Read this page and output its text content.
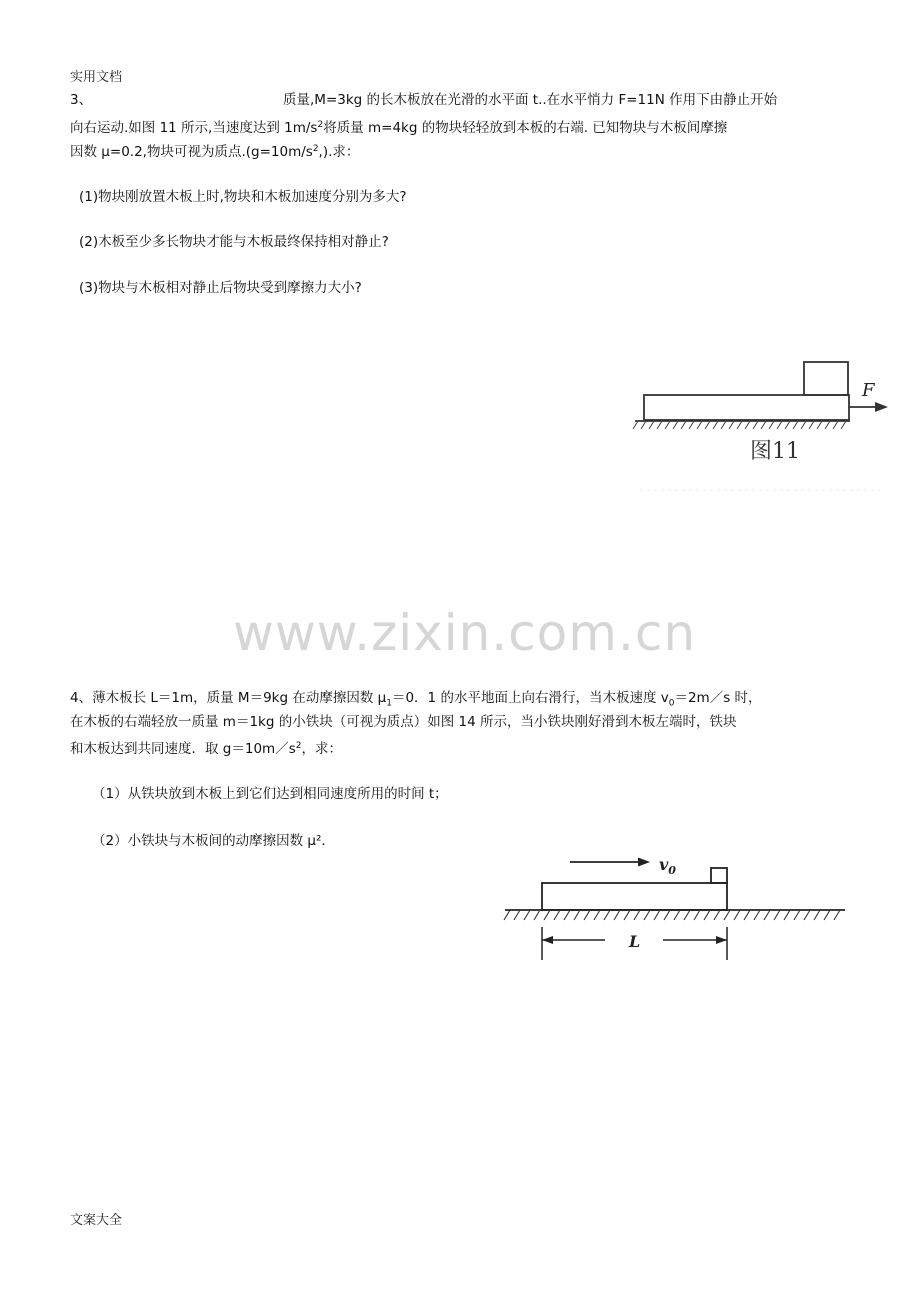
实用文档
3、	质量,M=3kg 的长木板放在光滑的水平面 t..在水平悄力 F=11N 作用下由静止开始
向右运动.如图 11 所示,当速度达到 $1m/s^2$将质量 m=4kg 的物块轻轻放到本板的右端. 已知物块与木板间摩擦
因数 μ=0.2,物块可视为质点$.(g=10m/s^2,)$.求：
(1)物块刚放置木板上时,物块和木板加速度分别为多大?
(2)木板至少多长物块才能与木板最终保持相对静止?
(3)物块与木板相对静止后物块受到摩擦力大小?
F
图11
www.zixin.com.cn
4、薄木板长 L＝1m，质量 M＝9kg 在动摩擦因数 $\mu_1=0$．1 的水平地面上向右滑行，当木板速度 $v_0=2m/s$ 时，
在木板的右端轻放一质量 m＝1kg 的小铁块（可视为质点）如图 14 所示，当小铁块刚好滑到木板左端时，铁块
和木板达到共同速度．取 $g=10m/s^2$，求：
（1）从铁块放到木板上到它们达到相同速度所用的时间 t；
（2）小铁块与木板间的动摩擦因数 μ²．
$v_0$
L
文案大全
